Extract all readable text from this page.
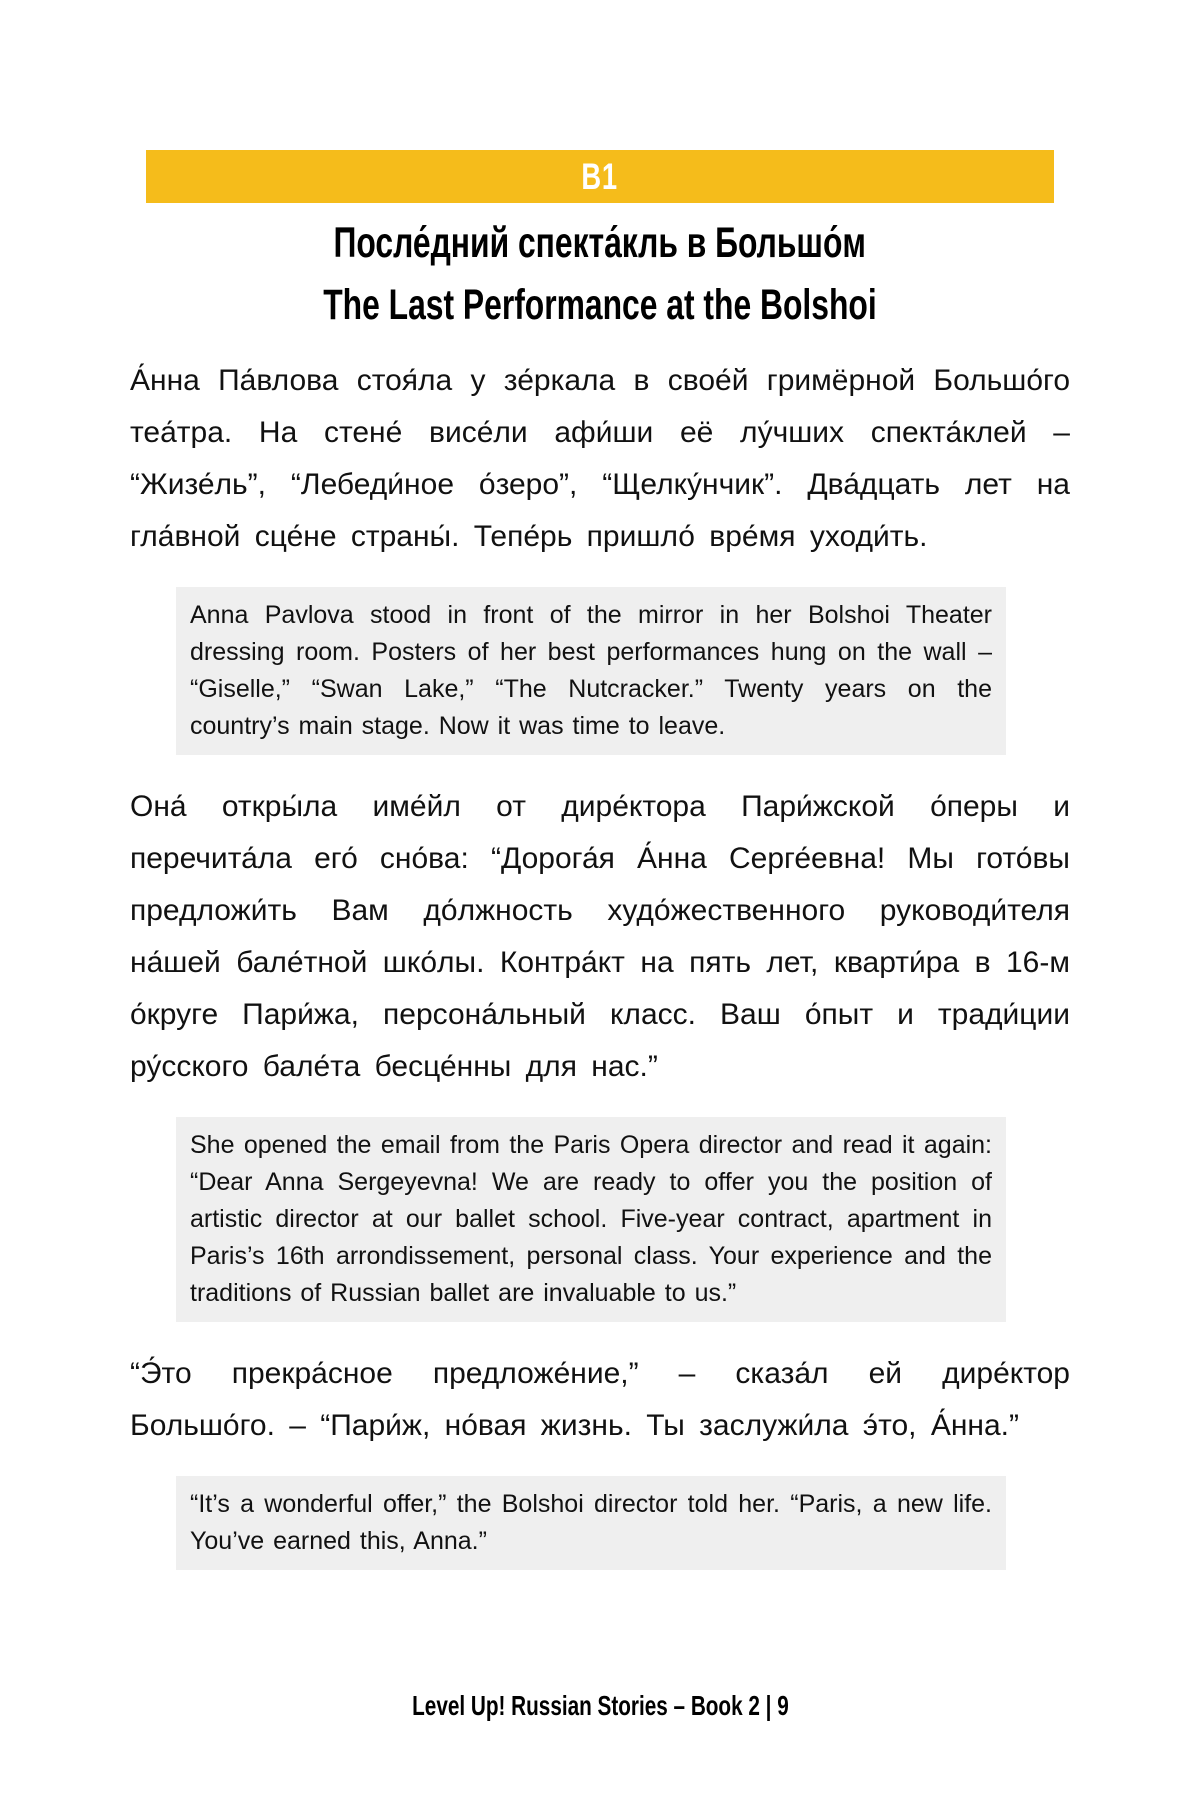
B1
После́дний спекта́кль в Большо́м
The Last Performance at the Bolshoi

А́нна Па́влова стоя́ла у зе́ркала в свое́й гримёрной Большо́го теа́тра. На стене́ висе́ли афи́ши её лу́чших спекта́клей – “Жизе́ль”, “Лебеди́ное о́зеро”, “Щелку́нчик”. Два́дцать лет на гла́вной сце́не страны́. Тепе́рь пришло́ вре́мя уходи́ть.

Anna Pavlova stood in front of the mirror in her Bolshoi Theater dressing room. Posters of her best performances hung on the wall – “Giselle,” “Swan Lake,” “The Nutcracker.” Twenty years on the country’s main stage. Now it was time to leave.

Она́ откры́ла име́йл от дире́ктора Пари́жской о́перы и перечита́ла его́ сно́ва: “Дорога́я А́нна Серге́евна! Мы гото́вы предложи́ть Вам до́лжность худо́жественного руководи́теля на́шей бале́тной шко́лы. Контра́кт на пять лет, кварти́ра в 16-м о́круге Пари́жа, персона́льный класс. Ваш о́пыт и тради́ции ру́сского бале́та бесце́нны для нас.”

She opened the email from the Paris Opera director and read it again: “Dear Anna Sergeyevna! We are ready to offer you the position of artistic director at our ballet school. Five-year contract, apartment in Paris’s 16th arrondissement, personal class. Your experience and the traditions of Russian ballet are invaluable to us.”

“Э́то прекра́сное предложе́ние,” – сказа́л ей дире́ктор Большо́го. – “Пари́ж, но́вая жизнь. Ты заслужи́ла э́то, А́нна.”

“It’s a wonderful offer,” the Bolshoi director told her. “Paris, a new life. You’ve earned this, Anna.”
Level Up! Russian Stories – Book 2 | 9
